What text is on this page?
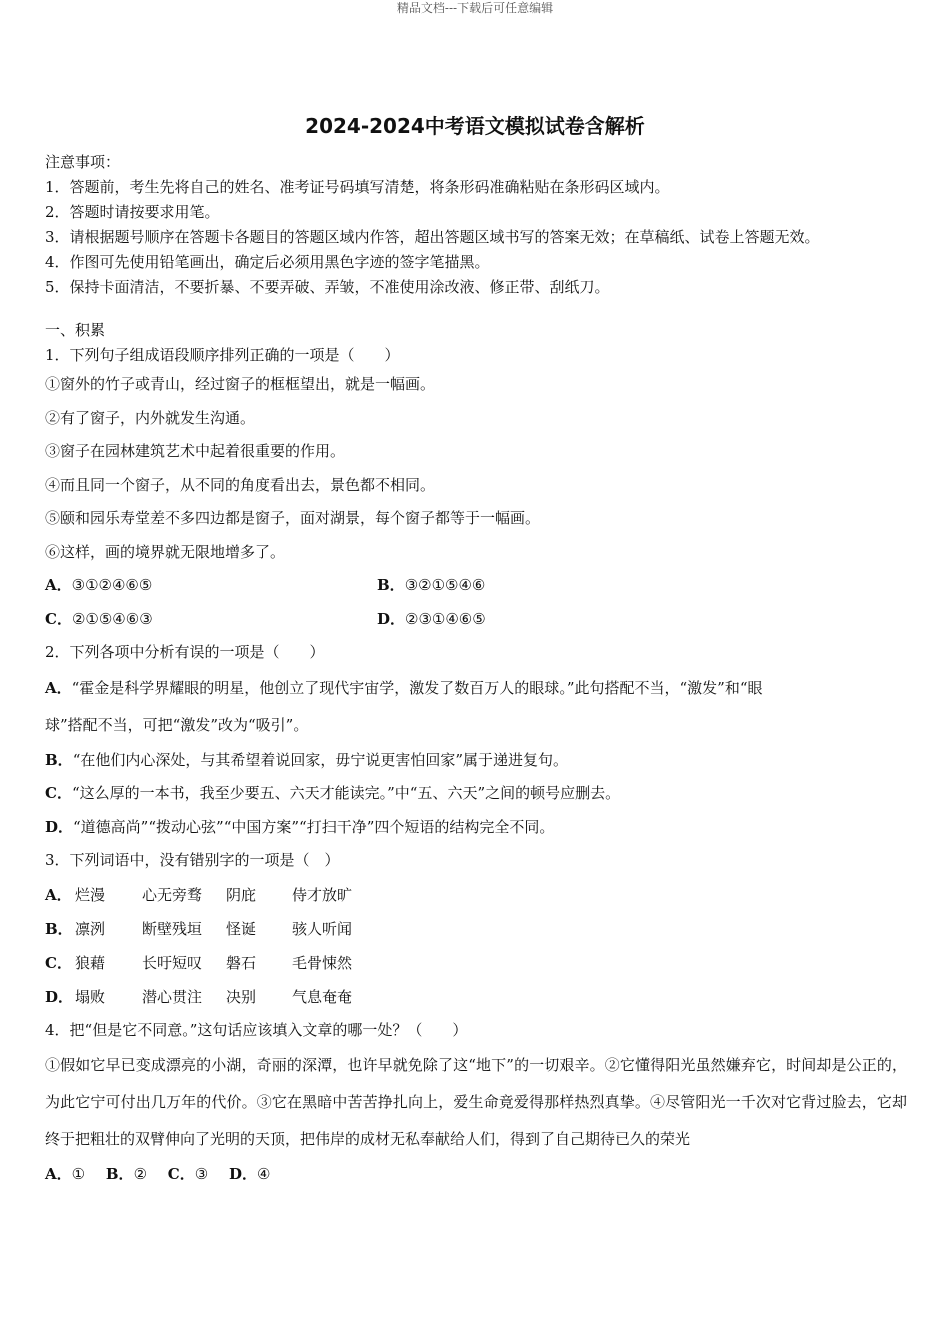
精品文档---下载后可任意编辑
2024-2024中考语文模拟试卷含解析
注意事项：
1．答题前，考生先将自己的姓名、准考证号码填写清楚，将条形码准确粘贴在条形码区域内。
2．答题时请按要求用笔。
3．请根据题号顺序在答题卡各题目的答题区域内作答，超出答题区域书写的答案无效；在草稿纸、试卷上答题无效。
4．作图可先使用铅笔画出，确定后必须用黑色字迹的签字笔描黑。
5．保持卡面清洁，不要折暴、不要弄破、弄皱，不准使用涂改液、修正带、刮纸刀。
一、积累
1．下列句子组成语段顺序排列正确的一项是（　　）
①窗外的竹子或青山，经过窗子的框框望出，就是一幅画。
②有了窗子，内外就发生沟通。
③窗子在园林建筑艺术中起着很重要的作用。
④而且同一个窗子，从不同的角度看出去，景色都不相同。
⑤颐和园乐寿堂差不多四边都是窗子，面对湖景，每个窗子都等于一幅画。
⑥这样，画的境界就无限地增多了。
A．③①②④⑥⑤	B．③②①⑤④⑥
C．②①⑤④⑥③	D．②③①④⑥⑤
2．下列各项中分析有误的一项是（　　）
A．“霍金是科学界耀眼的明星，他创立了现代宇宙学，激发了数百万人的眼球。”此句搭配不当，“激发”和“眼
球”搭配不当，可把“激发”改为“吸引”。
B．“在他们内心深处，与其希望着说回家，毋宁说更害怕回家”属于递进复句。
C．“这么厚的一本书，我至少要五、六天才能读完。”中“五、六天”之间的顿号应删去。
D．“道德高尚”“拨动心弦”“中国方案”“打扫干净”四个短语的结构完全不同。
3．下列词语中，没有错别字的一项是（　）
A． 烂漫	心无旁骛	阴庇	侍才放旷
B． 凛洌	断壁残垣	怪诞	骇人听闻
C． 狼藉	长吁短叹	磐石	毛骨悚然
D． 塌败	潜心贯注	决别	气息奄奄
4．把“但是它不同意。”这句话应该填入文章的哪一处？（　　）
①假如它早已变成漂亮的小湖，奇丽的深潭，也许早就免除了这“地下”的一切艰辛。②它懂得阳光虽然嫌弃它，时间却是公正的，为此它宁可付出几万年的代价。③它在黑暗中苦苦挣扎向上，爱生命竟爱得那样热烈真挚。④尽管阳光一千次对它背过脸去，它却终于把粗壮的双臂伸向了光明的天顶，把伟岸的成材无私奉献给人们，得到了自己期待已久的荣光
A．① B．② C．③ D．④
